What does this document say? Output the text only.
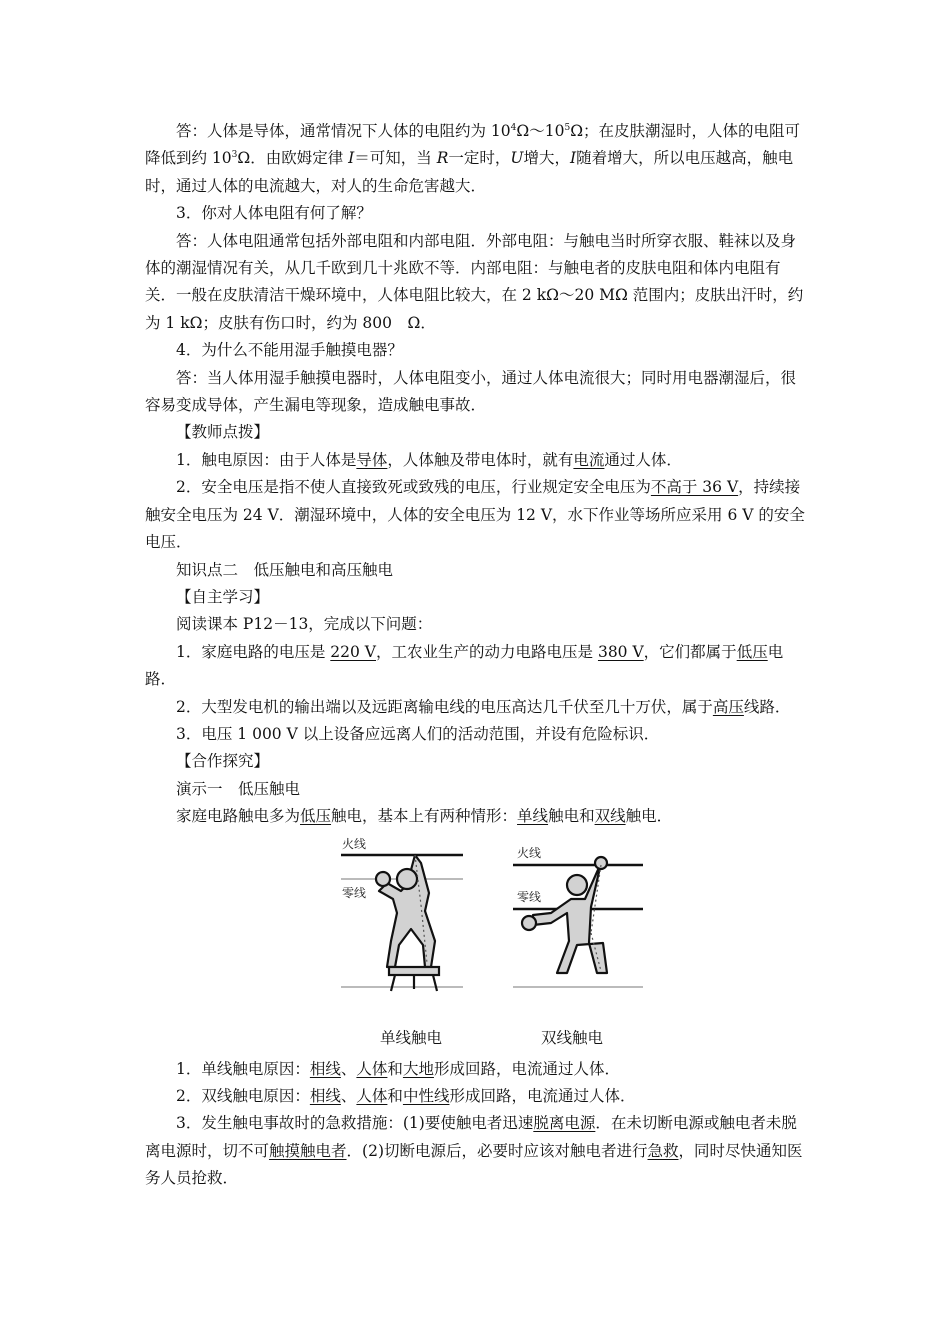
答：人体是导体，通常情况下人体的电阻约为 $10^4\Omega\sim 10^5\Omega$；在皮肤潮湿时，人体的电阻可降低到约 $10^3\Omega$．由欧姆定律 I＝可知，当 R一定时，U增大，I随着增大，所以电压越高，触电时，通过人体的电流越大，对人的生命危害越大．

3．你对人体电阻有何了解？

答：人体电阻通常包括外部电阻和内部电阻．外部电阻：与触电当时所穿衣服、鞋袜以及身体的潮湿情况有关，从几千欧到几十兆欧不等．内部电阻：与触电者的皮肤电阻和体内电阻有关．一般在皮肤清洁干燥环境中，人体电阻比较大，在 2 kΩ～20 MΩ 范围内；皮肤出汗时，约为 1 kΩ；皮肤有伤口时，约为 800　Ω．

4．为什么不能用湿手触摸电器？

答：当人体用湿手触摸电器时，人体电阻变小，通过人体电流很大；同时用电器潮湿后，很容易变成导体，产生漏电等现象，造成触电事故．

【教师点拨】

1．触电原因：由于人体是导体，人体触及带电体时，就有电流通过人体．

2．安全电压是指不使人直接致死或致残的电压，行业规定安全电压为不高于 36 V，持续接触安全电压为 24 V．潮湿环境中，人体的安全电压为 12 V，水下作业等场所应采用 6 V 的安全电压．

知识点二　低压触电和高压触电

【自主学习】

阅读课本 P12－13，完成以下问题：

1．家庭电路的电压是 220 V，工农业生产的动力电路电压是 380 V，它们都属于低压电路．

2．大型发电机的输出端以及远距离输电线的电压高达几千伏至几十万伏，属于高压线路．

3．电压 1 000 V 以上设备应远离人们的活动范围，并设有危险标识．

【合作探究】

演示一　低压触电

家庭电路触电多为低压触电，基本上有两种情形：单线触电和双线触电．

火线
零线
火线
零线
单线触电	双线触电

1．单线触电原因：相线、人体和大地形成回路，电流通过人体．

2．双线触电原因：相线、人体和中性线形成回路，电流通过人体．

3．发生触电事故时的急救措施：(1)要使触电者迅速脱离电源．在未切断电源或触电者未脱离电源时，切不可触摸触电者．(2)切断电源后，必要时应该对触电者进行急救，同时尽快通知医务人员抢救．
